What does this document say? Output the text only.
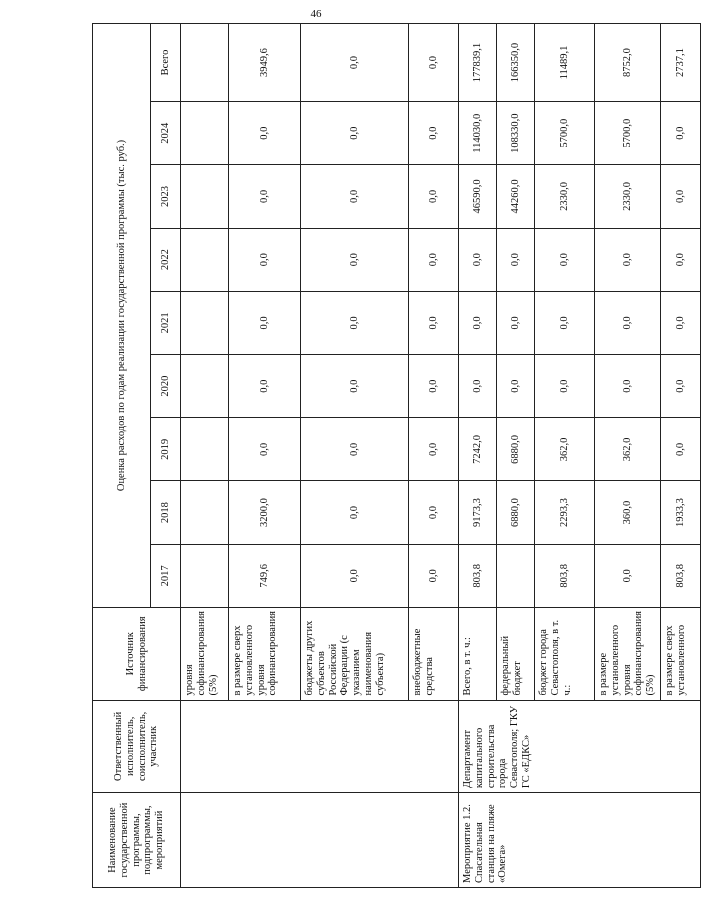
46
Наименование государственной программы, подпрограммы, мероприятий	Ответственный исполнитель, соисполнитель, участник	Источник финансирования	Оценка расходов по годам реализации государственной программы (тыс. руб.)								
			2017	2018	2019	2020	2021	2022	2023	2024	Всего
		уровня софинансирования (5%)									
		в размере сверх установленного уровня софинансирования	749,6	3200,0	0,0	0,0	0,0	0,0	0,0	0,0	3949,6
		бюджеты других субъектов Российской Федерации (с указанием наименования субъекта)	0,0	0,0	0,0	0,0	0,0	0,0	0,0	0,0	0,0
		внебюджетные средства	0,0	0,0	0,0	0,0	0,0	0,0	0,0	0,0	0,0
Мероприятие 1.2. Спасательная станция на пляже «Омега»	Департамент капитального строительства города Севастополя; ГКУ ГС «ЕДКС»	Всего, в т. ч.:	803,8	9173,3	7242,0	0,0	0,0	0,0	46590,0	114030,0	177839,1
		федеральный бюджет		6880,0	6880,0	0,0	0,0	0,0	44260,0	108330,0	166350,0
		бюджет города Севастополя, в т. ч.:	803,8	2293,3	362,0	0,0	0,0	0,0	2330,0	5700,0	11489,1
		в размере установленного уровня софинансирования (5%)	0,0	360,0	362,0	0,0	0,0	0,0	2330,0	5700,0	8752,0
		в размере сверх установленного	803,8	1933,3	0,0	0,0	0,0	0,0	0,0	0,0	2737,1
